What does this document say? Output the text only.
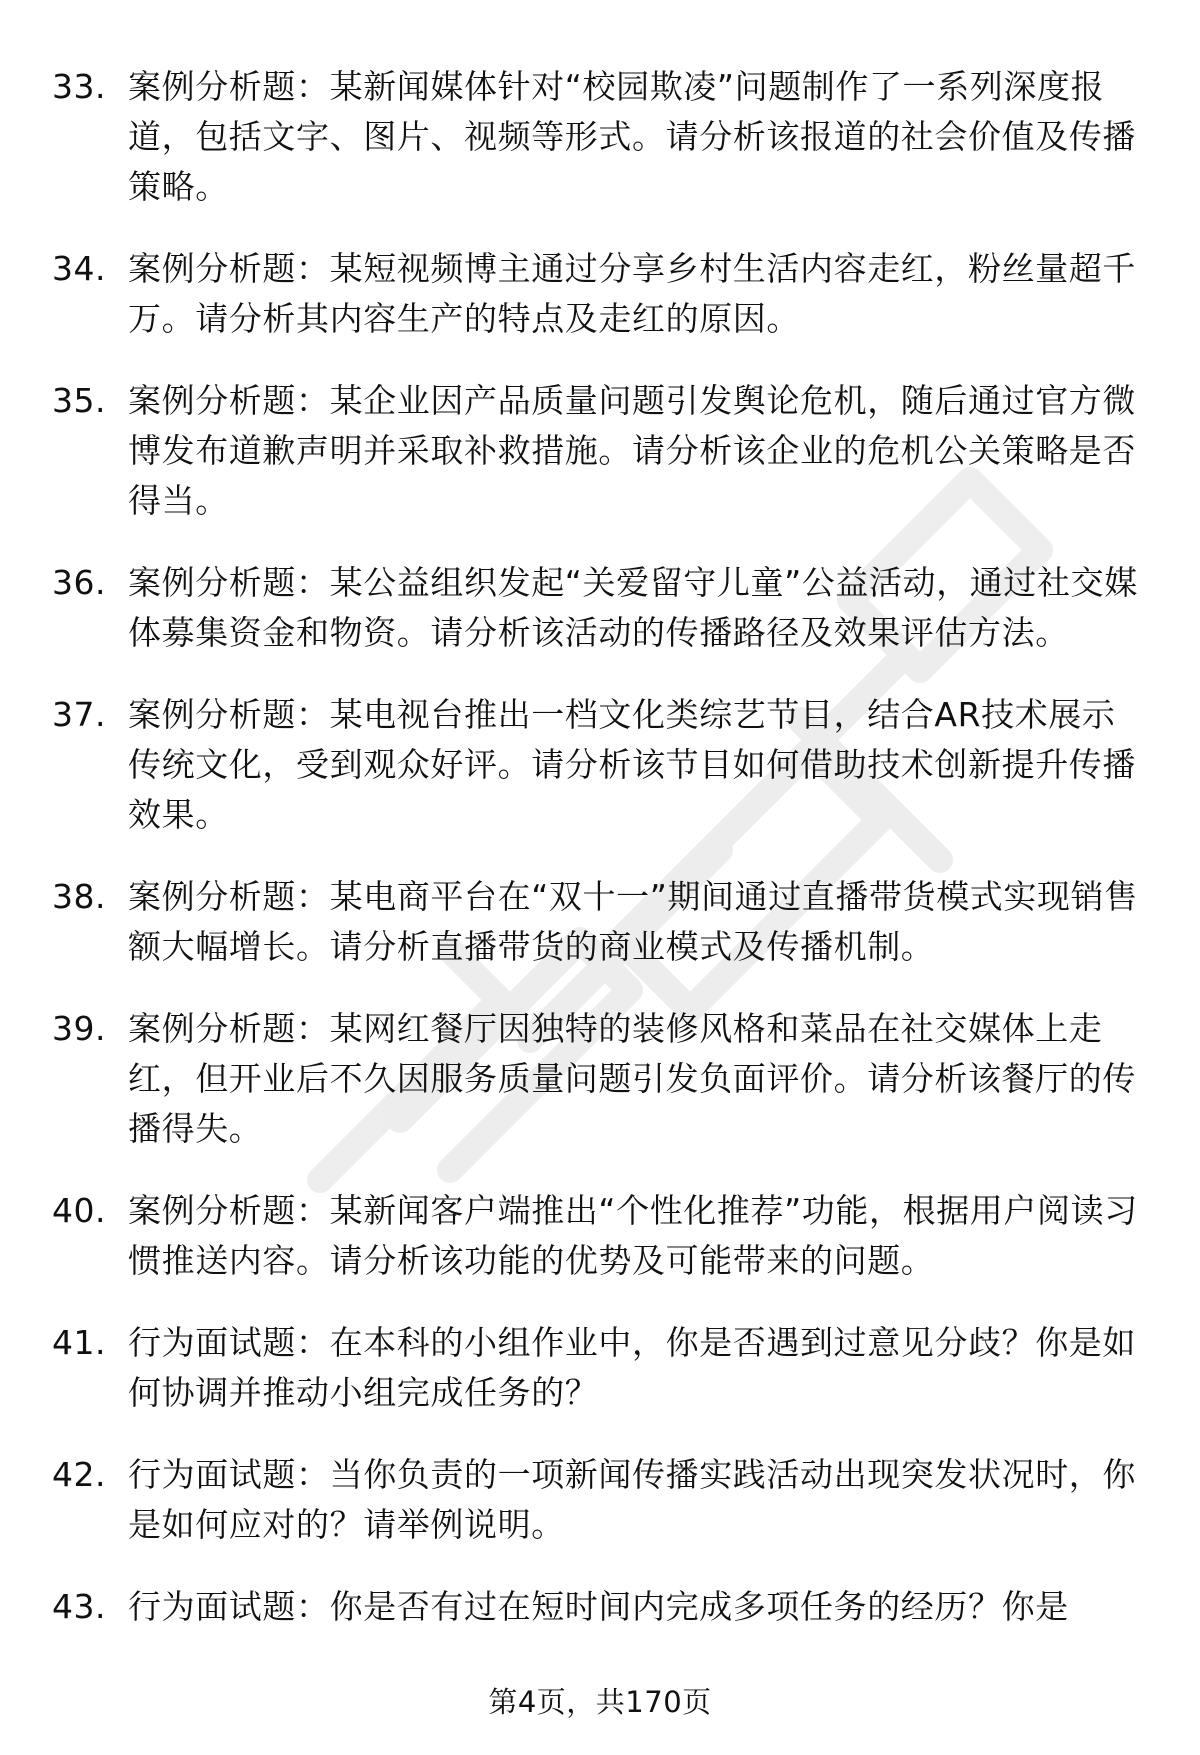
33. 案例分析题：某新闻媒体针对“校园欺凌”问题制作了一系列深度报道，包括文字、图片、视频等形式。请分析该报道的社会价值及传播策略。
34. 案例分析题：某短视频博主通过分享乡村生活内容走红，粉丝量超千万。请分析其内容生产的特点及走红的原因。
35. 案例分析题：某企业因产品质量问题引发舆论危机，随后通过官方微博发布道歉声明并采取补救措施。请分析该企业的危机公关策略是否得当。
36. 案例分析题：某公益组织发起“关爱留守儿童”公益活动，通过社交媒体募集资金和物资。请分析该活动的传播路径及效果评估方法。
37. 案例分析题：某电视台推出一档文化类综艺节目，结合AR技术展示传统文化，受到观众好评。请分析该节目如何借助技术创新提升传播效果。
38. 案例分析题：某电商平台在“双十一”期间通过直播带货模式实现销售额大幅增长。请分析直播带货的商业模式及传播机制。
39. 案例分析题：某网红餐厅因独特的装修风格和菜品在社交媒体上走红，但开业后不久因服务质量问题引发负面评价。请分析该餐厅的传播得失。
40. 案例分析题：某新闻客户端推出“个性化推荐”功能，根据用户阅读习惯推送内容。请分析该功能的优势及可能带来的问题。
41. 行为面试题：在本科的小组作业中，你是否遇到过意见分歧？你是如何协调并推动小组完成任务的？
42. 行为面试题：当你负责的一项新闻传播实践活动出现突发状况时，你是如何应对的？请举例说明。
43. 行为面试题：你是否有过在短时间内完成多项任务的经历？你是
第4页，共170页
